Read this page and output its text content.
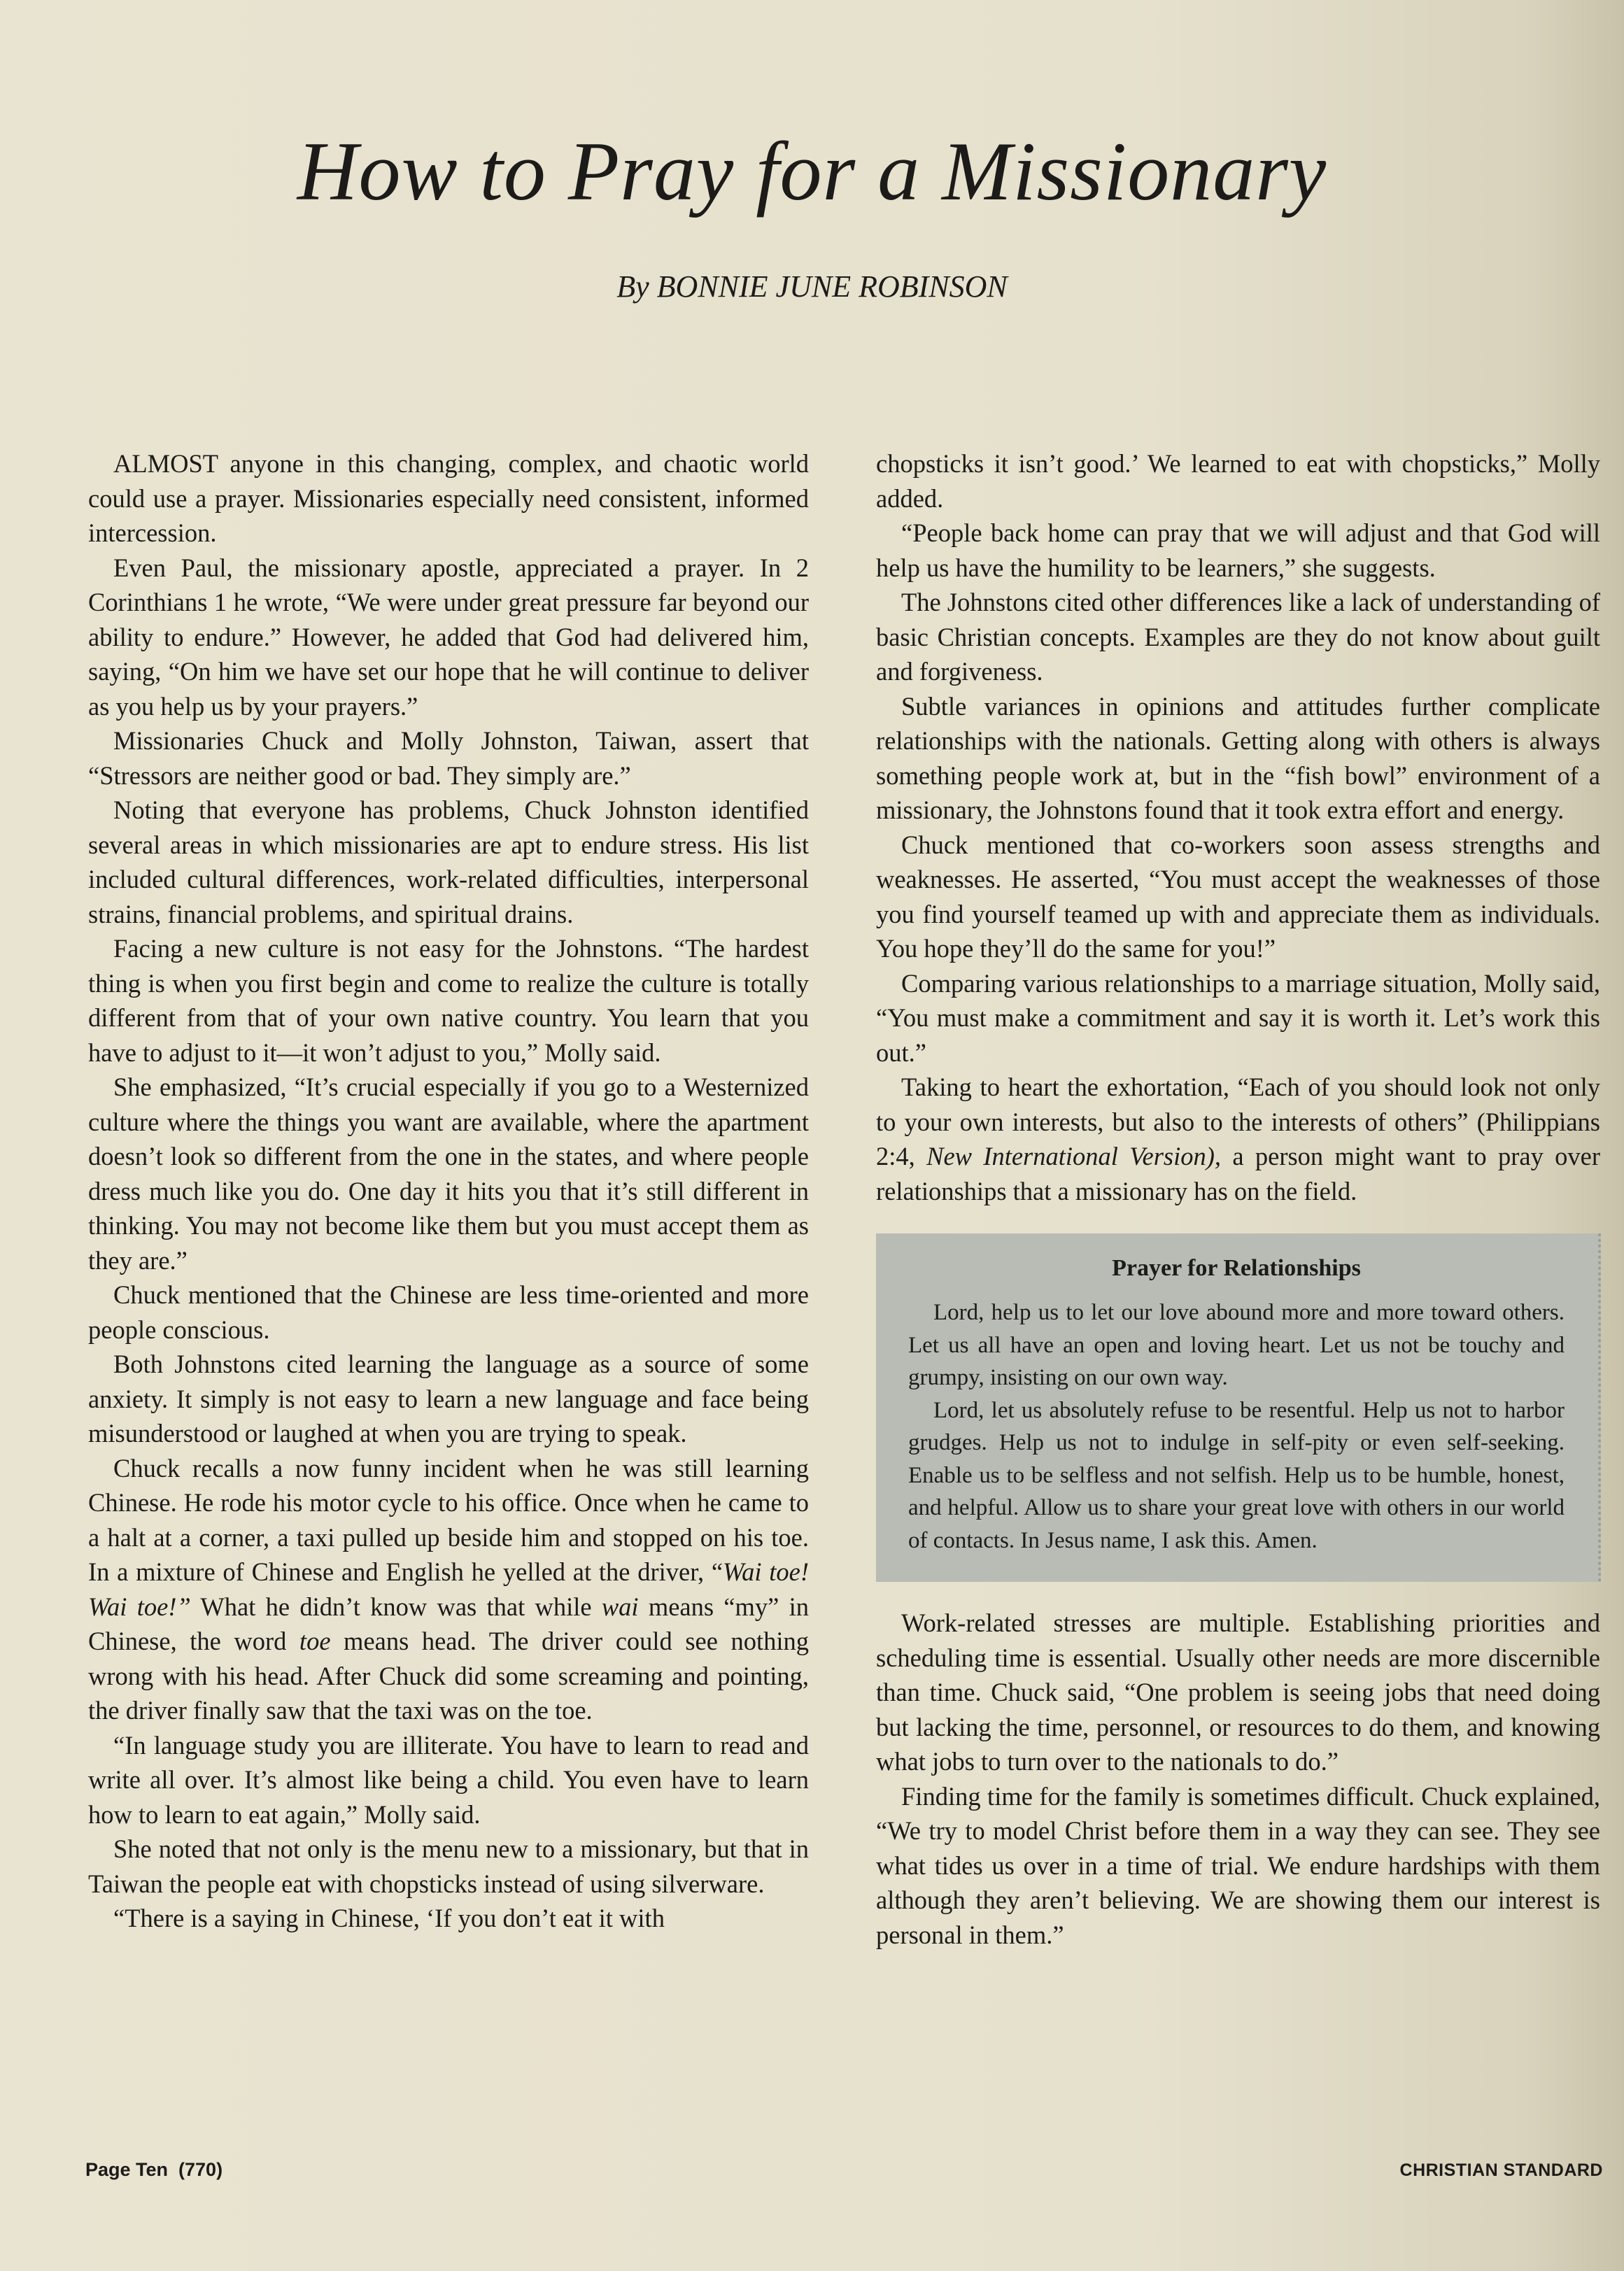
How to Pray for a Missionary
By BONNIE JUNE ROBINSON

ALMOST anyone in this changing, complex, and chaotic world could use a prayer. Missionaries especially need consistent, informed intercession.

Even Paul, the missionary apostle, appreciated a prayer. In 2 Corinthians 1 he wrote, “We were under great pressure far beyond our ability to endure.” However, he added that God had delivered him, saying, “On him we have set our hope that he will continue to deliver as you help us by your prayers.”

Missionaries Chuck and Molly Johnston, Taiwan, assert that “Stressors are neither good or bad. They simply are.”

Noting that everyone has problems, Chuck Johnston identified several areas in which missionaries are apt to endure stress. His list included cultural differences, work-related difficulties, interpersonal strains, financial problems, and spiritual drains.

Facing a new culture is not easy for the Johnstons. “The hardest thing is when you first begin and come to realize the culture is totally different from that of your own native country. You learn that you have to adjust to it—it won’t adjust to you,” Molly said.

She emphasized, “It’s crucial especially if you go to a Westernized culture where the things you want are available, where the apartment doesn’t look so different from the one in the states, and where people dress much like you do. One day it hits you that it’s still different in thinking. You may not become like them but you must accept them as they are.”

Chuck mentioned that the Chinese are less time-oriented and more people conscious.

Both Johnstons cited learning the language as a source of some anxiety. It simply is not easy to learn a new language and face being misunderstood or laughed at when you are trying to speak.

Chuck recalls a now funny incident when he was still learning Chinese. He rode his motor cycle to his office. Once when he came to a halt at a corner, a taxi pulled up beside him and stopped on his toe. In a mixture of Chinese and English he yelled at the driver, “Wai toe! Wai toe!” What he didn’t know was that while wai means “my” in Chinese, the word toe means head. The driver could see nothing wrong with his head. After Chuck did some screaming and pointing, the driver finally saw that the taxi was on the toe.

“In language study you are illiterate. You have to learn to read and write all over. It’s almost like being a child. You even have to learn how to learn to eat again,” Molly said.

She noted that not only is the menu new to a missionary, but that in Taiwan the people eat with chopsticks instead of using silverware.

“There is a saying in Chinese, ‘If you don’t eat it with

chopsticks it isn’t good.’ We learned to eat with chopsticks,” Molly added.

“People back home can pray that we will adjust and that God will help us have the humility to be learners,” she suggests.

The Johnstons cited other differences like a lack of understanding of basic Christian concepts. Examples are they do not know about guilt and forgiveness.

Subtle variances in opinions and attitudes further complicate relationships with the nationals. Getting along with others is always something people work at, but in the “fish bowl” environment of a missionary, the Johnstons found that it took extra effort and energy.

Chuck mentioned that co-workers soon assess strengths and weaknesses. He asserted, “You must accept the weaknesses of those you find yourself teamed up with and appreciate them as individuals. You hope they’ll do the same for you!”

Comparing various relationships to a marriage situation, Molly said, “You must make a commitment and say it is worth it. Let’s work this out.”

Taking to heart the exhortation, “Each of you should look not only to your own interests, but also to the interests of others” (Philippians 2:4, New International Version), a person might want to pray over relationships that a missionary has on the field.

Prayer for Relationships

Lord, help us to let our love abound more and more toward others. Let us all have an open and loving heart. Let us not be touchy and grumpy, insisting on our own way.

Lord, let us absolutely refuse to be resentful. Help us not to harbor grudges. Help us not to indulge in self-pity or even self-seeking. Enable us to be selfless and not selfish. Help us to be humble, honest, and helpful. Allow us to share your great love with others in our world of contacts. In Jesus name, I ask this. Amen.

Work-related stresses are multiple. Establishing priorities and scheduling time is essential. Usually other needs are more discernible than time. Chuck said, “One problem is seeing jobs that need doing but lacking the time, personnel, or resources to do them, and knowing what jobs to turn over to the nationals to do.”

Finding time for the family is sometimes difficult. Chuck explained, “We try to model Christ before them in a way they can see. They see what tides us over in a time of trial. We endure hardships with them although they aren’t believing. We are showing them our interest is personal in them.”

Page Ten  (770)	CHRISTIAN STANDARD
